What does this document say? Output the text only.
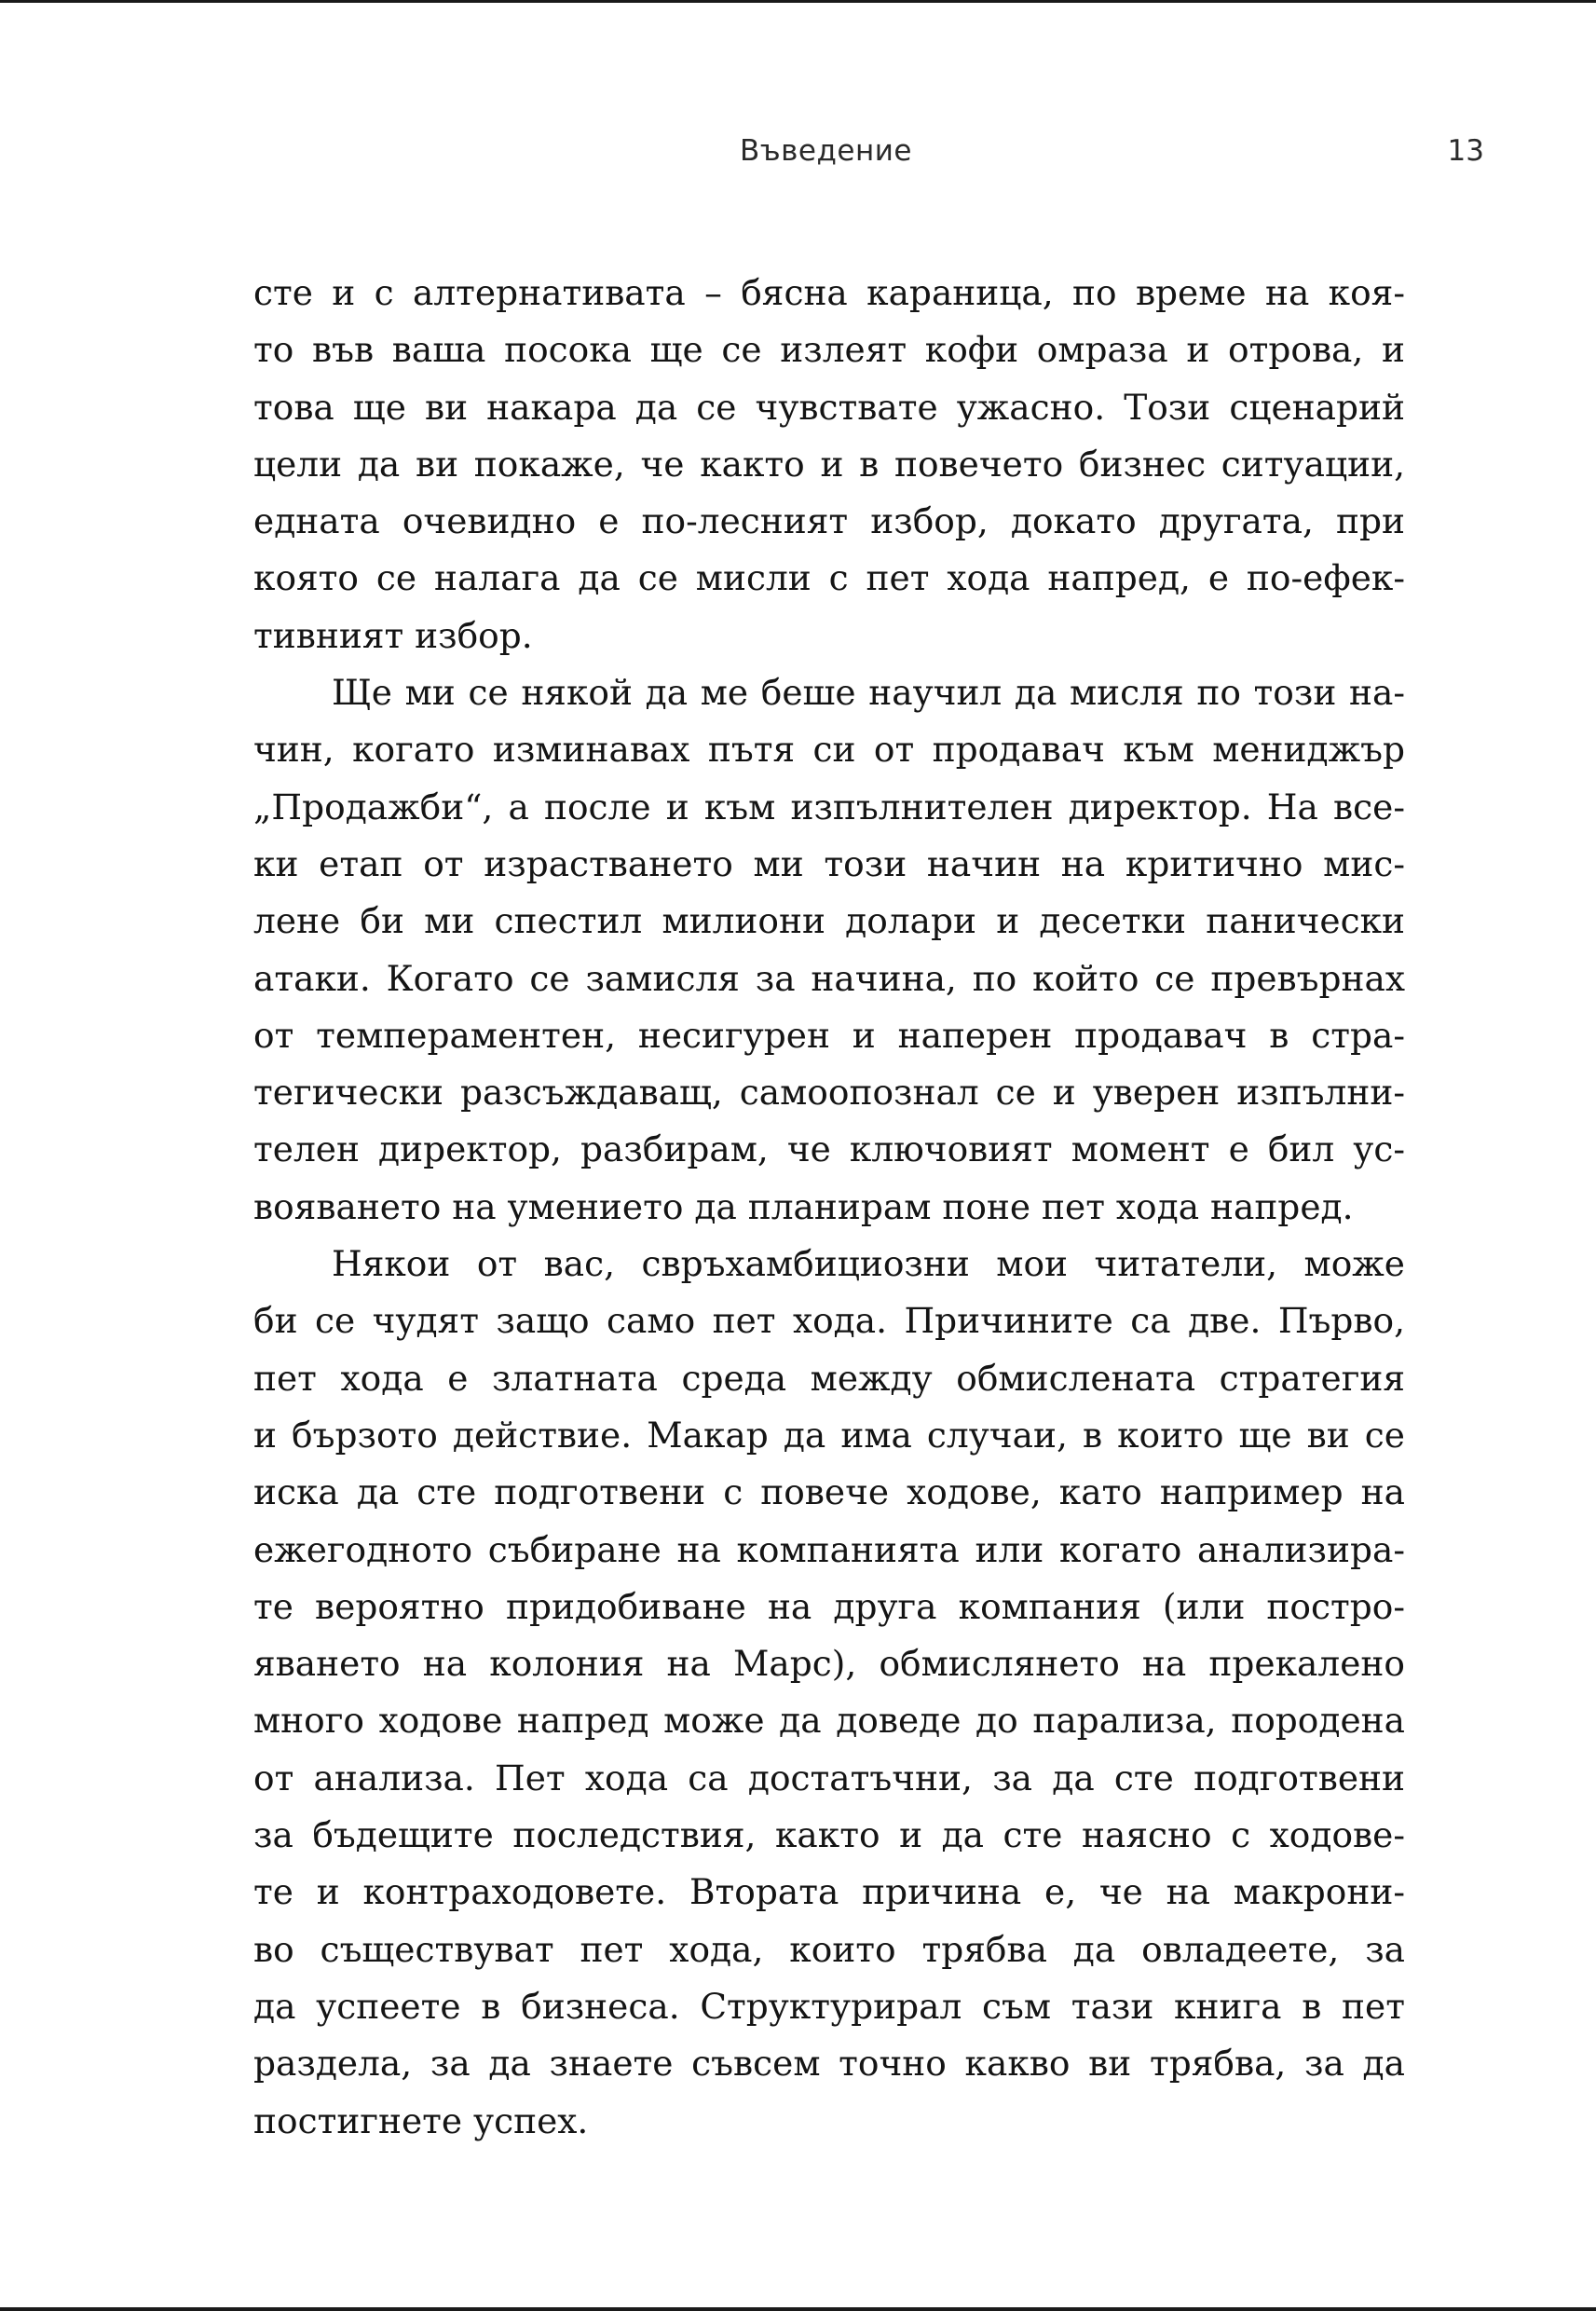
Въведение	13
сте и с алтернативата – бясна караница, по време на коя-
то във ваша посока ще се излеят кофи омраза и отрова, и
това ще ви накара да се чувствате ужасно. Този сценарий
цели да ви покаже, че както и в повечето бизнес ситуации,
едната очевидно е по-лесният избор, докато другата, при
която се налага да се мисли с пет хода напред, е по-ефек-
тивният избор.
Ще ми се някой да ме беше научил да мисля по този на-
чин, когато изминавах пътя си от продавач към мениджър
„Продажби“, а после и към изпълнителен директор. На все-
ки етап от израстването ми този начин на критично мис-
лене би ми спестил милиони долари и десетки панически
атаки. Когато се замисля за начина, по който се превърнах
от темпераментен, несигурен и наперен продавач в стра-
тегически разсъждаващ, самоопознал се и уверен изпълни-
телен директор, разбирам, че ключовият момент е бил ус-
вояването на умението да планирам поне пет хода напред.
Някои от вас, свръхамбициозни мои читатели, може
би се чудят защо само пет хода. Причините са две. Първо,
пет хода е златната среда между обмислената стратегия
и бързото действие. Макар да има случаи, в които ще ви се
иска да сте подготвени с повече ходове, като например на
ежегодното събиране на компанията или когато анализира-
те вероятно придобиване на друга компания (или постро-
яването на колония на Марс), обмислянето на прекалено
много ходове напред може да доведе до парализа, породена
от анализа. Пет хода са достатъчни, за да сте подготвени
за бъдещите последствия, както и да сте наясно с ходове-
те и контраходовете. Втората причина е, че на макрони-
во съществуват пет хода, които трябва да овладеете, за
да успеете в бизнеса. Структурирал съм тази книга в пет
раздела, за да знаете съвсем точно какво ви трябва, за да
постигнете успех.
